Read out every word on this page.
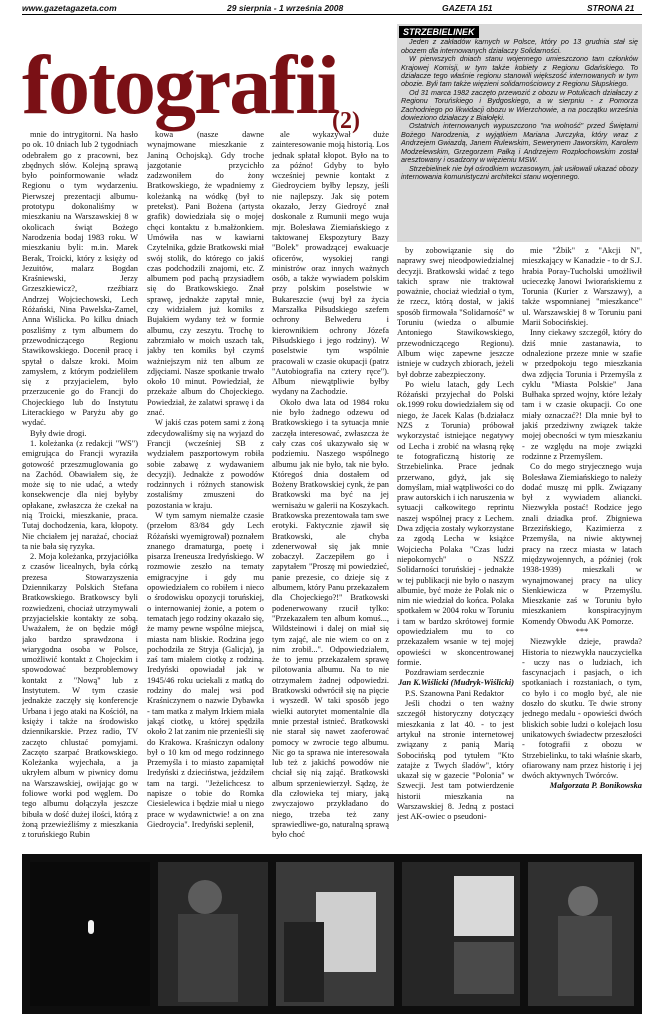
www.gazetagazeta.com	29 sierpnia - 1 września 2008	GAZETA 151	STRONA 21
fotografii
(2)
STRZEBIELINEK

Jeden z zakładów karnych w Polsce, który po 13 grudnia stał się obozem dla internowanych działaczy Solidarności.

W pierwszych dniach stanu wojennego umieszczono tam członków Krajowej Komisji, w tym także kobiety z Regionu Gdańskiego. To działacze tego właśnie regionu stanowili większość internowanych w tym obozie. Byli tam także więzieni solidarnościowcy z Regionu Słupskiego.

Od 31 marca 1982 zaczęto przewozić z obozu w Potulicach działaczy z Regionu Toruńskiego i Bydgoskiego, a w sierpniu - z Pomorza Zachodniego po likwidacji obozu w Wierzchowie, a na początku września dowieziono działaczy z Białołęki.

Ostatnich internowanych wypuszczono "na wolność" przed Świętami Bożego Narodzenia, z wyjątkiem Mariana Jurczyka, który wraz z Andrzejem Gwiazdą, Janem Rulewskim, Sewerynem Jaworskim, Karolem Modzelewskim, Grzegorzem Pałką i Andrzejem Rozpłochowskim został aresztowany i osadzony w więzieniu MSW.

Strzebielinek nie był ośrodkiem wczasowym, jak usiłowali ukazać obozy internowania komunistyczni architekci stanu wojennego.

mnie do intrygitorni. Na hasło po ok. 10 dniach lub 2 tygodniach odebrałem go z pracowni, bez zbędnych słów. Kolejną sprawą było poinformowanie władz Regionu o tym wydarzeniu. Pierwszej prezentacji albumu-prototypu dokonaliśmy w mieszkaniu na Warszawskiej 8 w okolicach świąt Bożego Narodzenia bodaj 1983 roku. W mieszkaniu byli: m.in. Marek Berak, Troicki, który z księży od Jezuitów, malarz Bogdan Kraśniewski, Jerzy Grzeszkiewicz?, rzeźbiarz Andrzej Wojciechowski, Lech Różański, Nina Pawelska-Zamel, Anna Wiślicka. Po kilku dniach poszliśmy z tym albumem do przewodniczącego Regionu Stawikowskiego. Docenił pracę i spytał o dalsze kroki. Moim zamysłem, z którym podzieliłem się z przyjacielem, było przerzucenie go do Francji do Chojeckiego lub do Instytutu Literackiego w Paryżu aby go wydać.

Były dwie drogi.

1. koleżanka (z redakcji "WS") emigrująca do Francji wyraziła gotowość przeszmuglowania go na Zachód. Obawiałem się, że może się to nie udać, a wtedy konsekwencje dla niej byłyby opłakane, zwłaszcza że czekał na nią Troicki, mieszkanie, praca. Tutaj dochodzenia, kara, kłopoty. Nie chciałem jej narażać, chociaż ta nie bała się ryzyka.

2. Moja koleżanka, przyjaciółka z czasów licealnych, była córką prezesa Stowarzyszenia Dziennikarzy Polskich Stefana Bratkowskiego. Bratkowscy byli rozwiedzeni, chociaż utrzymywali przyjacielskie kontakty ze sobą. Uważałem, że on będzie mógł jako bardzo sprawdzona i wiarygodna osoba w Polsce, umożliwić kontakt z Chojeckim i spowodować bezproblemowy kontakt z "Nową" lub z Instytutem. W tym czasie jednakże zaczęły się konferencje Urbana i jego ataki na Kościół, na księży i także na środowisko dziennikarskie. Przez radio, TV zaczęto chlustać pomyjami. Zaczęto szarpać Bratkowskiego. Koleżanka wyjechała, a ja ukryłem album w piwnicy domu na Warszawskiej, owijając go w foliowe worki pod węglem. Do tego albumu dołączyła jeszcze bibuła w dość dużej ilości, którą z żoną przewieźliśmy z mieszkania z toruńskiego Rubin

kowa (nasze dawne wynajmowane mieszkanie z Janiną Ochojską). Gdy troche jazgotanie przycichło zadzwoniłem do żony Bratkowskiego, że wpadniemy z koleżanką na wódkę (był to pretekst). Pani Bożena (artysta grafik) dowiedziała się o mojej chęci kontaktu z b.małżonkiem. Umówiła nas w kawiarni Czytelnika, gdzie Bratkowski miał swój stolik, do którego co jakiś czas podchodzili znajomi, etc. Z albumem pod pachą przysiadłem się do Bratkowskiego. Znał sprawę, jednakże zapytał mnie, czy widziałem już komiks z Bujakiem wydany też w formie albumu, czy zeszytu. Trochę to zabrzmiało w moich uszach tak, jakby ten komiks był czymś ważniejszym niż ten album ze zdjęciami. Nasze spotkanie trwało około 10 minut. Powiedział, że przekaże album do Chojeckiego. Powiedział, że zalatwi sprawę i da znać.

W jakiś czas potem sami z żoną zdecydowaliśmy się na wyjazd do Francji (wcześniej SB z wydziałem paszportowym robiła sobie zabawę z wydawaniem decyzji). Jednakże z powodów rodzinnych i różnych stanowisk zostaliśmy zmuszeni do pozostania w kraju.

W tym samym niemalże czasie (przełom 83/84 gdy Lech Różański wyemigrował) poznałem znanego dramaturga, poetę i pisarza Ireneusza Iredyńskiego. W rozmowie zeszło na tematy emigracyjne i gdy mu opowiedziałem co robiłem i nieco o środowisku opozycji toruńskiej, o internowaniej żonie, a potem o tematach jego rodziny okazało się, że mamy pewne wspólne miejsca, miasta nam bliskie. Rodzina jego pochodziła ze Stryja (Galicja), ja zaś tam miałem ciotkę z rodziną. Iredyński opowiadał jak w 1945/46 roku uciekali z matką do rodziny do malej wsi pod Kraśniczynem o nazwie Dybawka - tam matka z małym Irkiem miała jakąś ciotkę, u której spędziła około 2 lat zanim nie przenieśli się do Krakowa. Kraśniczyn odalony był o 10 km od mego rodzinnego Przemyśla i to miasto zapamiętał Iredyński z dzieciństwa, jeździłem tam na targi. "Jeżelichcesz to napisze o tobie do Romka Ciesielewica i będzie miał u niego prace w wydawnictwie! a on zna Giedroycia". Iredyński seplenił,

ale wykazywał duże zainteresowanie moją historią. Los jednak spłatał kłopot. Było na to za późno! Gdyby to było wcześniej pewnie kontakt z Giedroyciem byłby lepszy, jeśli nie najlepszy. Jak się potem okazało, Jerzy Giedroyć znał doskonale z Rumunii mego wuja mjr. Bolesława Ziemiańskiego z taktowanej Ekspozytury Bazy "Bolek" prowadzącej ewakuacje oficerów, wysokiej rangi ministrów oraz innych ważnych osób, a także wywiadem polskim przy polskim poselstwie w Bukareszcie (wuj był za życia Marszałka Piłsudskiego szefem ochrony Belwederu i kierownikiem ochrony Józefa Piłsudskiego i jego rodziny). W poselstwie tym wspólnie pracowali w czasie okupacji (patrz "Autobiografia na cztery ręce"). Album niewątpliwie byłby wydany na Zachodzie.

Około dwa lata od 1984 roku nie było żadnego odzewu od Bratkowskiego i ta sytuacja mnie zaczęła interesować, zwłaszcza że cały czas coś ukazywało się w podziemiu. Naszego wspólnego albumu jak nie było, tak nie było. Któregoś dnia dostałem od Bożeny Bratkowskiej cynk, że pan Bratkowski ma być na jej wernisażu w galerii na Koszykach. Bratkowska prezentowała tam swe erotyki. Faktycznie zjawił się Bratkowski, ale chyba zdenerwował się jak mnie zobaczył. Zaczepiłem go i zapytałem "Proszę mi powiedzieć, panie prezesie, co dzieje się z albumem, który Panu przekazałem dla Chojeckiego?!" Bratkowski podenerwowany rzucił tylko: "Przekazałem ten album komuś..., Wildsteinowi i dalej on miał się tym zająć, ale nie wiem co on z nim zrobił...". Odpowiedziałem, że to jemu przekazałem sprawę pilotowania albumu. Na to nie otrzymałem żadnej odpowiedzi. Bratkowski odwrócił się na pięcie i wyszedł. W taki sposób jego wielki autorytet momentalnie dla mnie przestał istnieć. Bratkowski nie starał się nawet zaoferować pomocy w zwrocie tego albumu. Nic go ta sprawa nie interesowała lub też z jakichś powodów nie chciał się nią zająć. Bratkowski album sprzeniewierzył. Sądzę, że dla człowieka tej miary, jaką zwyczajowo przykładano do niego, trzeba też zany sprawiedliwe-go, naturalną sprawą było choć

by zobowiązanie się do naprawy swej nieodpowiedzialnej decyzji. Bratkowski widać z tego takich spraw nie traktował poważnie, chociaż wiedział o tym, że rzecz, którą dostał, w jakiś sposób firmowała "Solidarność" w Toruniu (wiedza o albumie Antoniego Stawikowskiego, przewodniczącego Regionu). Album więc zapewne jeszcze istnieje w cudzych zbiorach, jeżeli był dobrze zabezpieczony.

Po wielu latach, gdy Lech Różański przyjechał do Polski ok.1999 roku dowiedziałem się od niego, że Jacek Kalas (b.działacz NZS z Torunia) próbował wykorzystać istniejące negatywy od Lecha i zrobić na własną rękę te fotograficzną historię ze Strzebielinka. Prace jednak przerwano, gdyż, jak się domyślam, miał wątpliwości co do praw autorskich i ich naruszenia w sytuacji całkowitego reprintu naszej wspólnej pracy z Lechem. Dwa zdjęcia zostały wykorzystane za zgodą Lecha w książce Wojciecha Polaka "Czas ludzi niepokornych" o NSZZ Solidarności toruńskiej - jednakże w tej publikacji nie było o naszym albumie, być może że Polak nic o nim nie wiedział do końca. Polaka spotkałem w 2004 roku w Toruniu i tam w bardzo skrótowej formie opowiedziałem mu to co przekazałem wsanie w tej mojej opowieści w skoncentrowanej formie.

Pozdrawiam serdecznie

Jan K.Wiślicki (Mudryk-Wiślicki)

P.S. Szanowna Pani Redaktor

Jeśli chodzi o ten ważny szczegół historyczny dotyczący mieszkania z lat 40. - to jest artykuł na stronie internetowej związany z panią Marią Sobocińską pod tytułem "Kto zatajże z Twych śladów", który ukazał się w gazecie "Polonia" w Szwecji. Jest tam potwierdzenie historii mieszkania na Warszawskiej 8. Jedną z postaci jest AK-owiec o pseudoni-

mie "Żbik" z "Akcji N", mieszkający w Kanadzie - to dr S.J. hrabia Poray-Tucholski umożliwił uciecezkę Janowi Iwiorańskiemu z Torunia (Kurier z Warszawy), a także wspomnianej "mieszkance" ul. Warszawskiej 8 w Toruniu pani Marii Sobocińskiej.

Inny ciekawy szczegół, który do dziś mnie zastanawia, to odnalezione przeze mnie w szafie w przedpokoju tego mieszkania dwa zdjęcia Torunia i Przemyśla z cyklu "Miasta Polskie" Jana Bułhaka sprzed wojny, które leżały tam i w czasie okupacji. Co one miały oznaczać?! Dla mnie był to jakiś przedziwny związek także mojej obecności w tym mieszkaniu - ze względu na moje związki rodzinne z Przemyślem.

Co do mego stryjecznego wuja Bolesława Ziemiańskiego to należy dodać muszę mi pplk. Związany był z wywiadem aliancki. Niezwykła postać! Rodzice jego znali dziadka prof. Zbigniewa Brzezińskiego, Kazimierza z Przemyśla, na niwie aktywnej pracy na rzecz miasta w latach międzywojennych, a później (rok 1938-1939) mieszkali w wynajmowanej pracy na ulicy Sienkiewicza w Przemyślu. Mieszkanie zaś w Toruniu było mieszkaniem konspiracyjnym Komendy Obwodu AK Pomorze.

***

Niezwykłe dzieje, prawda? Historia to niezwykła nauczycielka - uczy nas o ludziach, ich fascynacjach i pasjach, o ich spotkaniach i rozstaniach, o tym, co było i co mogło być, ale nie doszło do skutku. Te dwie strony jednego medalu - opowieści dwóch bliskich sobie ludzi o kolejach losu unikatowych świadectw przeszłości - fotografii z obozu w Strzebielinku, to taki właśnie skarb, ofiarowany nam przez historię i jej dwóch aktywnych Twórców.

Małgorzata P. Bonikowska
